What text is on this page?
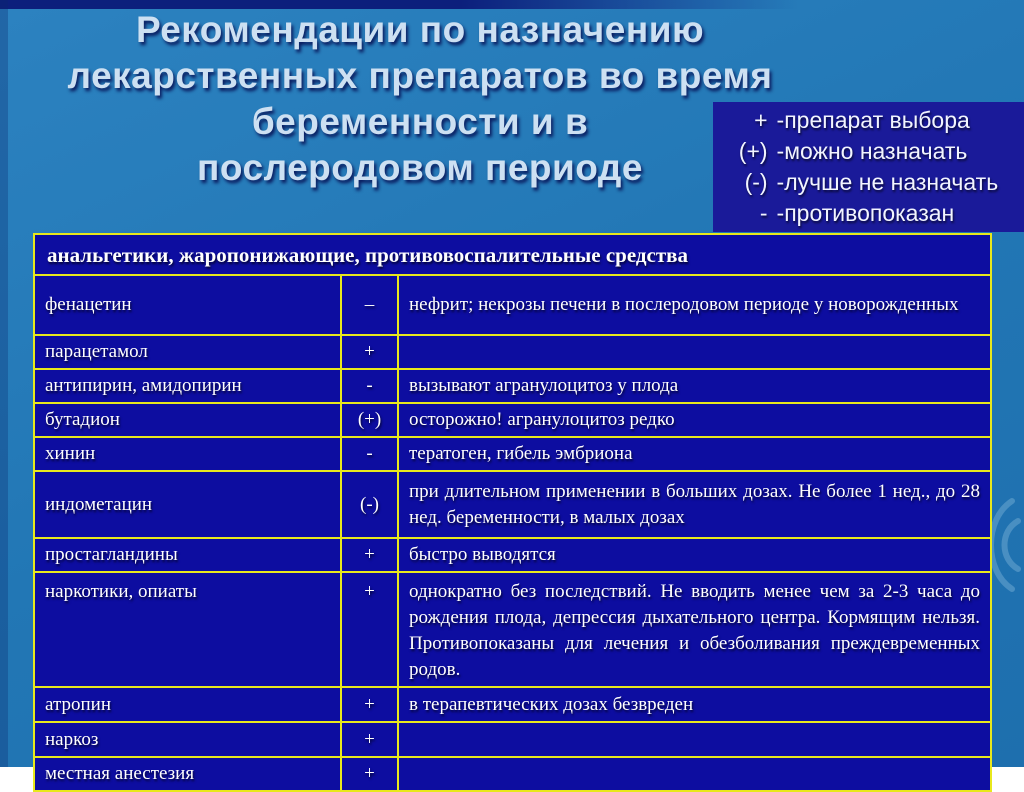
Рекомендации по назначению
лекарственных препаратов во время
беременности и в
послеродовом периоде
+ -препарат выбора
(+) -можно назначать
(-) -лучше не назначать
- -противопоказан
анальгетики, жаропонижающие, противовоспалительные средства		
фенацетин	–	нефрит; некрозы печени в послеродовом периоде у новорожденных
парацетамол	+	
антипирин, амидопирин	-	вызывают агранулоцитоз у плода
бутадион	(+)	осторожно! агранулоцитоз редко
хинин	-	тератоген, гибель эмбриона
индометацин	(-)	при длительном применении в больших дозах. Не более 1 нед., до 28 нед. беременности, в малых дозах
простагландины	+	быстро выводятся
наркотики, опиаты	+	однократно без последствий. Не вводить менее чем за 2-3 часа до рождения плода, депрессия дыхательного центра. Кормящим нельзя. Противопоказаны для лечения и обезболивания преждевременных родов.
атропин	+	в терапевтических дозах безвреден
наркоз	+	
местная анестезия	+	
